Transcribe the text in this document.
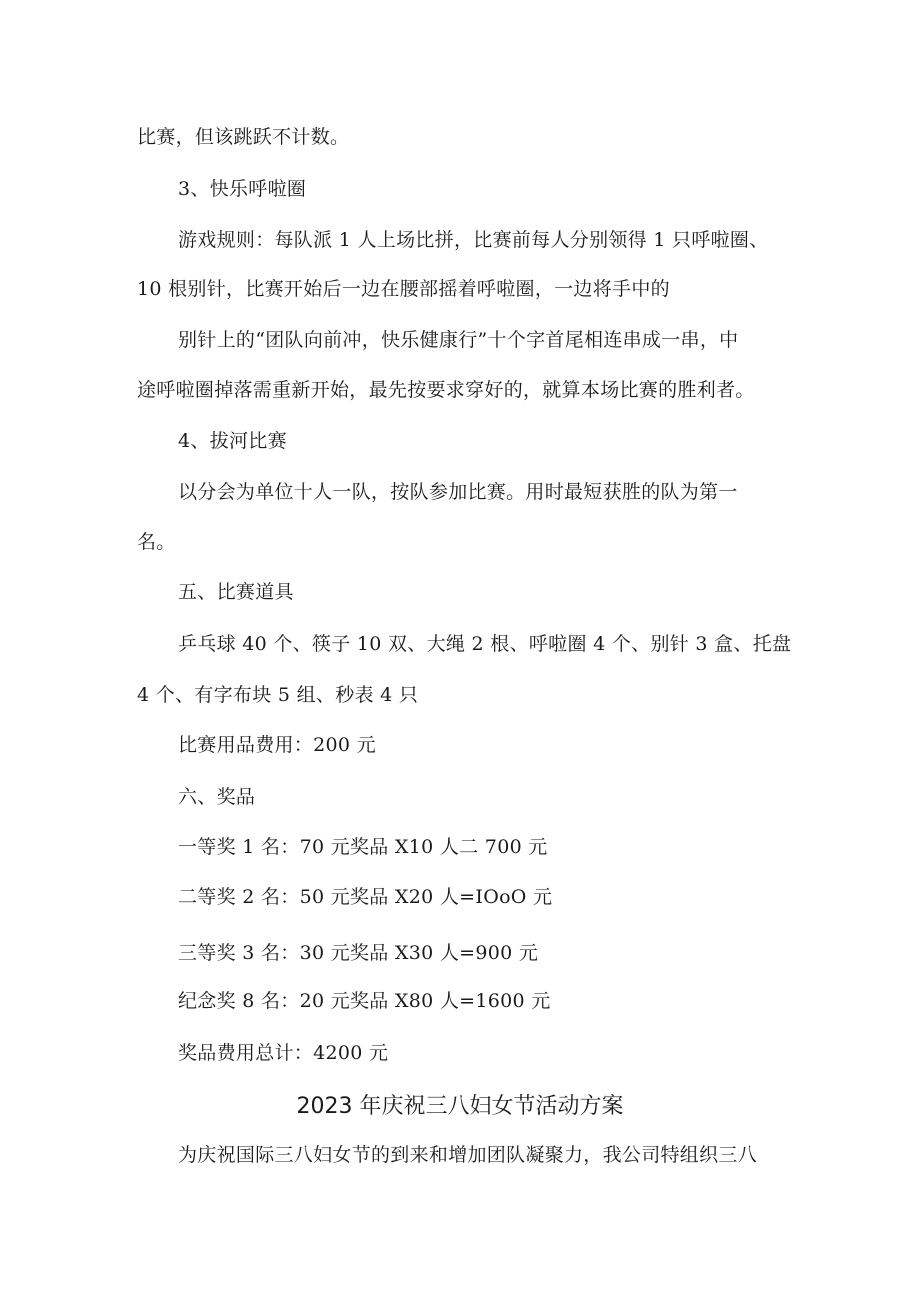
比赛，但该跳跃不计数。
3、快乐呼啦圈
游戏规则：每队派 1 人上场比拼，比赛前每人分别领得 1 只呼啦圈、
10 根别针，比赛开始后一边在腰部摇着呼啦圈，一边将手中的
别针上的“团队向前冲，快乐健康行”十个字首尾相连串成一串，中
途呼啦圈掉落需重新开始，最先按要求穿好的，就算本场比赛的胜利者。
4、拔河比赛
以分会为单位十人一队，按队参加比赛。用时最短获胜的队为第一
名。
五、比赛道具
乒乓球 40 个、筷子 10 双、大绳 2 根、呼啦圈 4 个、别针 3 盒、托盘
4 个、有字布块 5 组、秒表 4 只
比赛用品费用：200 元
六、奖品
一等奖 1 名：70 元奖品 X10 人二 700 元
二等奖 2 名：50 元奖品 X20 人=IOoO 元
三等奖 3 名：30 元奖品 X30 人=900 元
纪念奖 8 名：20 元奖品 X80 人=1600 元
奖品费用总计：4200 元
2023 年庆祝三八妇女节活动方案
为庆祝国际三八妇女节的到来和增加团队凝聚力，我公司特组织三八
